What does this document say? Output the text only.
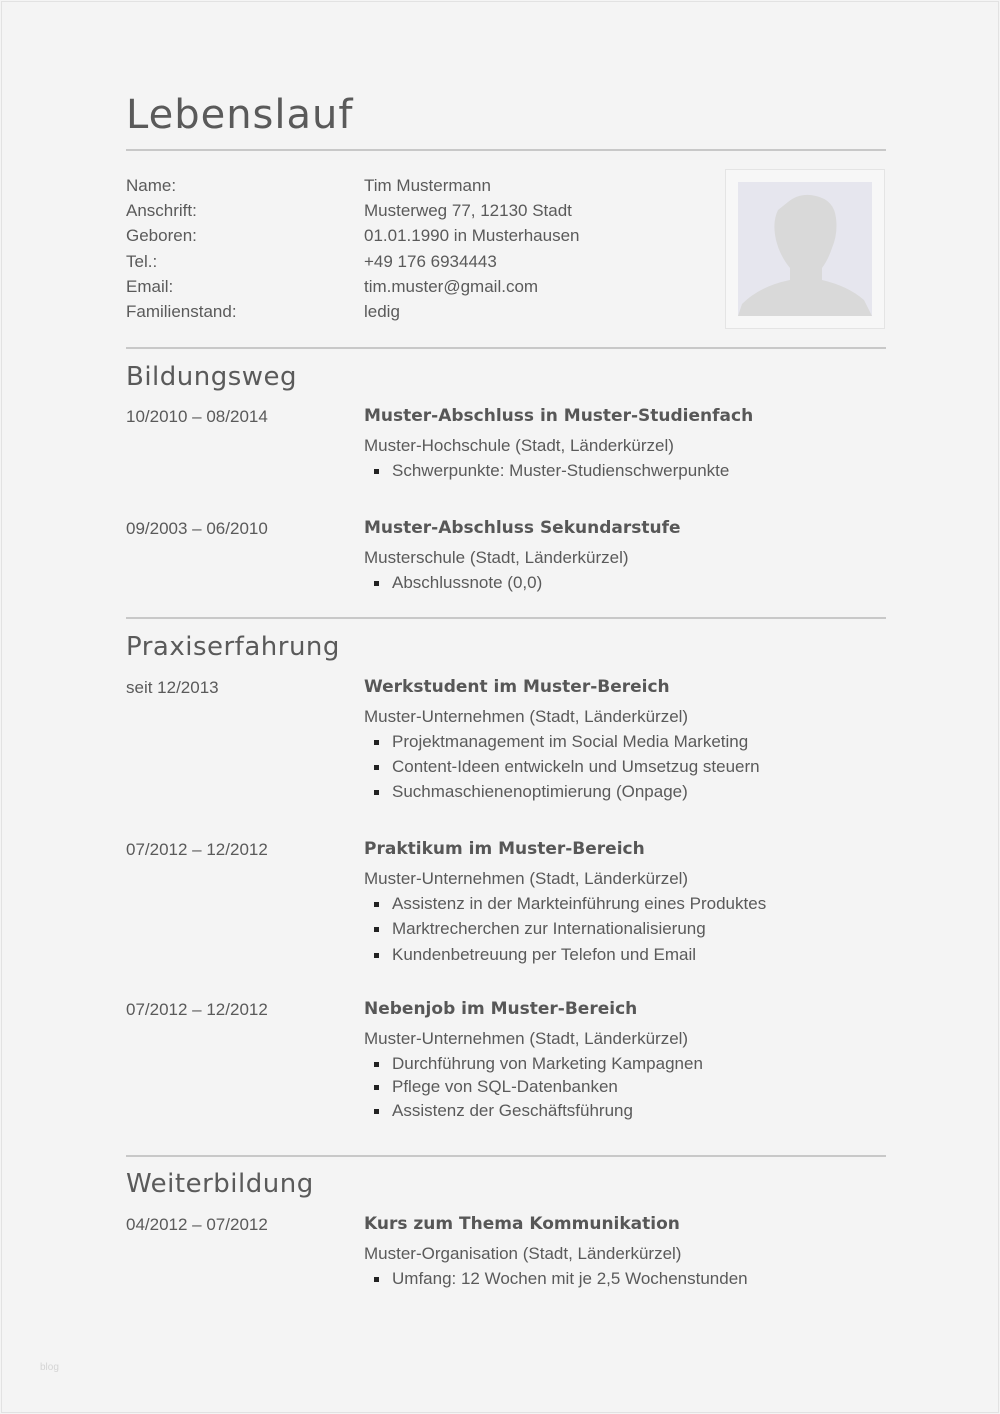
Lebenslauf
Name:	Tim Mustermann
Anschrift:	Musterweg 77, 12130 Stadt
Geboren:	01.01.1990 in Musterhausen
Tel.:	+49 176 6934443
Email:	tim.muster@gmail.com
Familienstand:	ledig
Bildungsweg
10/2010 – 08/2014	Muster-Abschluss in Muster-Studienfach
Muster-Hochschule (Stadt, Länderkürzel)
Schwerpunkte: Muster-Studienschwerpunkte
09/2003 – 06/2010	Muster-Abschluss Sekundarstufe
Musterschule (Stadt, Länderkürzel)
Abschlussnote (0,0)
Praxiserfahrung
seit 12/2013	Werkstudent im Muster-Bereich
Muster-Unternehmen (Stadt, Länderkürzel)
Projektmanagement im Social Media Marketing
Content-Ideen entwickeln und Umsetzug steuern
Suchmaschienenoptimierung (Onpage)
07/2012 – 12/2012	Praktikum im Muster-Bereich
Muster-Unternehmen (Stadt, Länderkürzel)
Assistenz in der Markteinführung eines Produktes
Marktrecherchen zur Internationalisierung
Kundenbetreuung per Telefon und Email
07/2012 – 12/2012	Nebenjob im Muster-Bereich
Muster-Unternehmen (Stadt, Länderkürzel)
Durchführung von Marketing Kampagnen
Pflege von SQL-Datenbanken
Assistenz der Geschäftsführung
Weiterbildung
04/2012 – 07/2012	Kurs zum Thema Kommunikation
Muster-Organisation (Stadt, Länderkürzel)
Umfang: 12 Wochen mit je 2,5 Wochenstunden
blog
